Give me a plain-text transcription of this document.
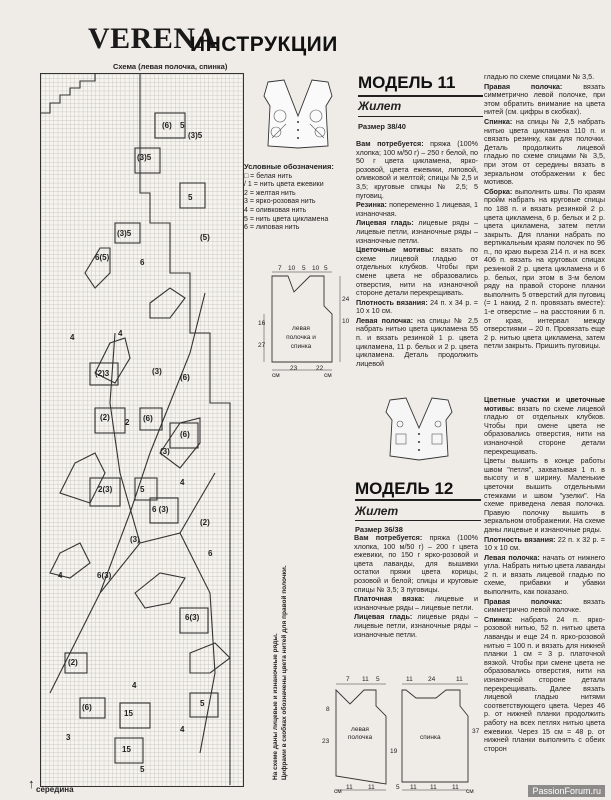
VERENA
ИНСТРУКЦИИ
Схема (левая полочка, спинка)
(6) 5
(3)5
(3)5
5
(3)5	(5)
6(5)
4
(2)3	(3)
(6)
(2)	(6)
2
(3)
(6)
2(3)	5
6 (3)
4
4
6(3)
(3)
(2)
4
6
(2)
6(3)
15
(6)
15
5
5
3
4
4
6
↑ середина
На схеме даны лицевые и изнаночные ряды. Цифрами в скобках обозначены цвета нитей для правой полочки.
Условные обозначения:
□ = белая нить
/ 1 = нить цвета ежевики
2 = желтая нить
3 = ярко-розовая нить
4 = оливковая нить
5 = нить цвета цикламена
6 = липовая нить
7 10 5 10 5
24
16	10
27
левая полочка и спинка
23	22
см	см
МОДЕЛЬ 11
Жилет
Размер 38/40

Вам потребуется: пряжа (100% хлопка; 100 м/50 г) – 250 г белой, по 50 г цвета цикламена, ярко-розовой, цвета ежевики, липовой, оливковой и желтой; спицы № 2,5 и 3,5; круговые спицы № 2,5; 5 пуговиц.

Резинка: попеременно 1 лицевая, 1 изнаночная.

Лицевая гладь: лицевые ряды – лицевые петли, изнаночные ряды – изнаночные петли.

Цветочные мотивы: вязать по схеме лицевой гладью от отдельных клубков. Чтобы при смене цвета не образовались отверстия, нити на изнаночной стороне детали перекрещивать.

Плотность вязания: 24 п. x 34 р. = 10 x 10 см.

Левая полочка: на спицы № 2,5 набрать нитью цвета цикламена 55 п. и вязать резинкой 1 р. цвета цикламена, 11 р. белых и 2 р. цвета цикламена. Деталь продолжить лицевой

гладью по схеме спицами № 3,5.

Правая полочка:	вязать симметрично левой полочке, при этом обратить внимание на цвета нитей (см. цифры в скобках).

Спинка: на спицы № 2,5 набрать нитью цвета цикламена 110 п. и связать резинку, как для полочки. Деталь продолжить лицевой гладью по схеме спицами № 3,5, при этом от середины вязать в зеркальном отображении к бес мотивов.

Сборка: выполнить швы. По краям пройм набрать на круговые спицы по 188 п. и вязать резинкой 2 р. цвета цикламена, 6 р. белых и 2 р. цвета цикламена, затем петли закрыть. Для планки набрать по вертикальным краям полочек по 96 п., по краю выреза 214 п. и на всех 406 п. вязать на круговых спицах резинкой 2 р. цвета цикламена и 6 р. белых, при этом в 3-м белом ряду на правой стороне планки выполнить 5 отверстий для пуговиц (= 1 накид, 2 п. провязать вместе): 1-е отверстие – на расстоянии 6 п. от края, интервал между отверстиями – 20 п. Провязать еще 2 р. нитью цвета цикламена, затем петли закрыть. Пришить пуговицы.

МОДЕЛЬ 12
Жилет
Размер 36/38

Вам потребуется: пряжа (100% хлопка, 100 м/50 г) – 200 г цвета ежевики, по 150 г ярко-розовой и цвета лаванды, для вышивки остатки пряжи цвета корицы, розовой и белой; спицы и круговые спицы № 3,5; 3 пуговицы.

Платочная вязка: лицевые и изнаночные ряды – лицевые петли.

Лицевая гладь: лицевые ряды – лицевые петли, изнаночные ряды – изнаночные петли.

Цветные участки и цветочные мотивы: вязать по схеме лицевой гладью от отдельных клубков. Чтобы при смене цвета не образовались отверстия, нити на изнаночной стороне детали перекрещивать.

Цветы вышить в конце работы швом "петля", захватывая 1 п. в высоту и в ширину. Маленькие цветочки вышить отдельными стежками и швом "узелки". На схеме приведена левая полочка. Правую полочку вышить в зеркальном отображении. На схеме даны лицевые и изнаночные ряды.

Плотность вязания: 22 п. x 32 р. = 10 x 10 см.

Левая полочка: начать от нижнего угла. Набрать нитью цвета лаванды 2 п. и вязать лицевой гладью по схеме, прибавки и убавки выполнить, как показано.

Правая полочка:	вязать симметрично левой полочке.

Спинка: набрать 24 п. ярко-розовой нитью, 52 п. нитью цвета лаванды и еще 24 п. ярко-розовой нитью = 100 п. и вязать для нижней планки 1 см = 3 р. платочной вязкой. Чтобы при смене цвета не образовались отверстия, нити на изнаночной стороне детали перекрещивать. Далее вязать лицевой гладью нитями соответствующего цвета. Через 46 р. от нижней планки продолжить работу на всех петлях нитью цвета ежевики. Через 15 см = 48 р. от нижней планки выполнить с обеих сторон

7 11 5	11 24	11
8
37
23
19
левая полочка	спинка
11 11	5 11 11 11
см	см	PassionForum.ru
